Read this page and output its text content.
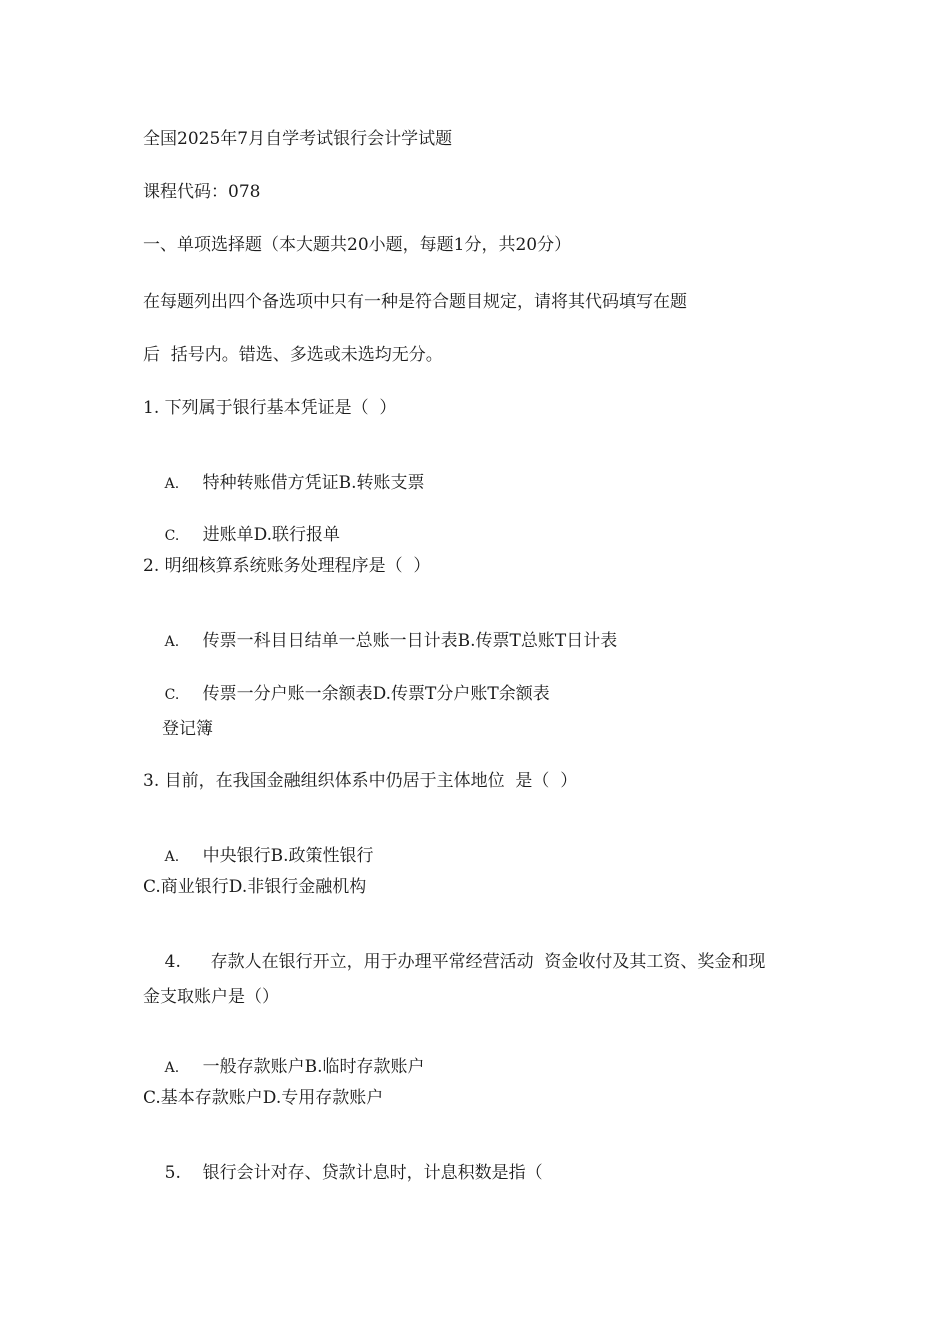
全国2025年7月自学考试银行会计学试题
课程代码：078
一、单项选择题（本大题共20小题，每题1分，共20分）
在每题列出四个备选项中只有一种是符合题目规定，请将其代码填写在题
后  括号内。错选、多选或未选均无分。
1. 下列属于银行基本凭证是（  ）

A. 特种转账借方凭证B.转账支票

C. 进账单D.联行报单

2. 明细核算系统账务处理程序是（  ）

A. 传票一科目日结单一总账一日计表B.传票T总账T日计表

C. 传票一分户账一余额表D.传票T分户账T余额表

登记簿
3. 目前，在我国金融组织体系中仍居于主体地位  是（  ）

A. 中央银行B.政策性银行

C.商业银行D.非银行金融机构

4. 存款人在银行开立，用于办理平常经营活动  资金收付及其工资、奖金和现

金支取账户是（）

A. 一般存款账户B.临时存款账户

C.基本存款账户D.专用存款账户

5. 银行会计对存、贷款计息时，计息积数是指（
